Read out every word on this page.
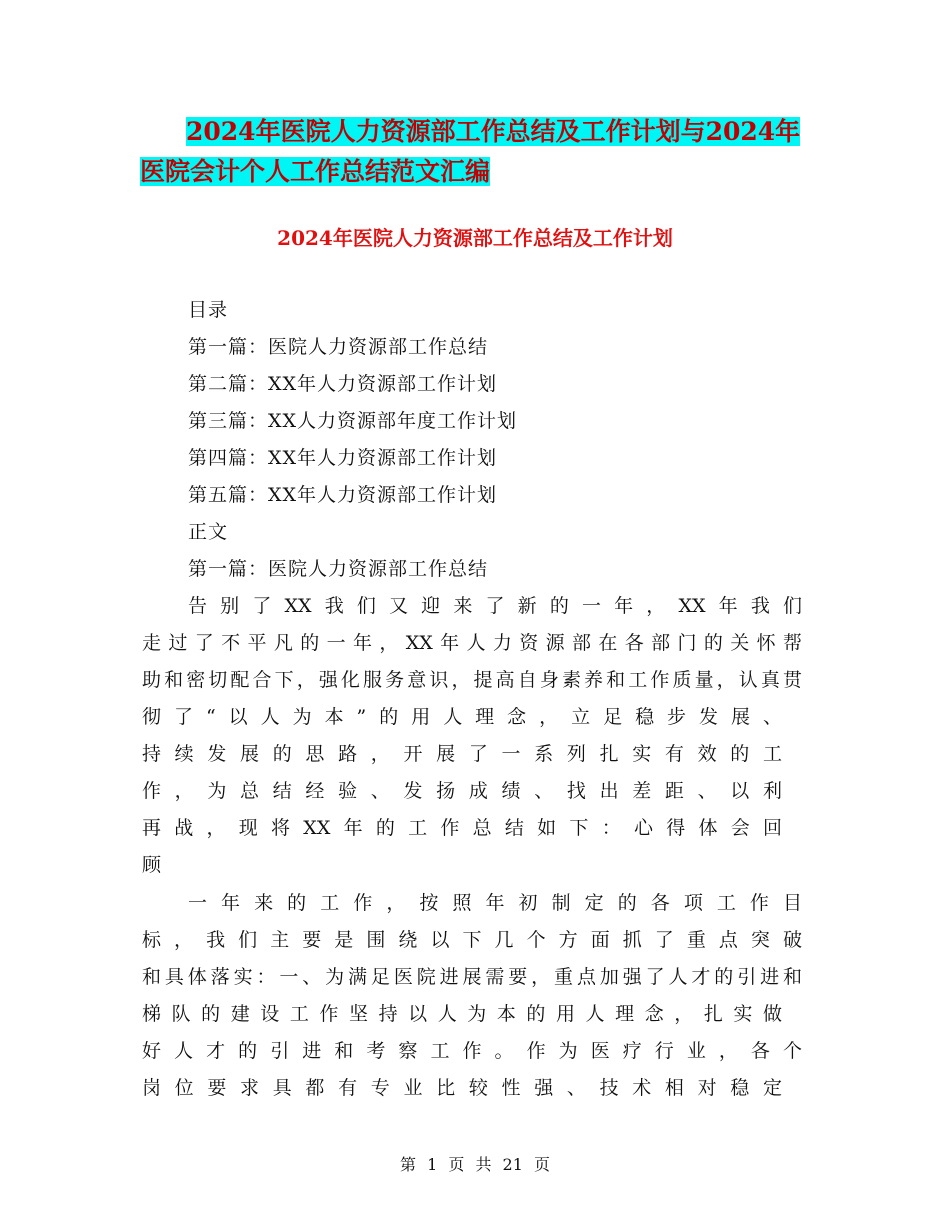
2024年医院人力资源部工作总结及工作计划与2024年
医院会计个人工作总结范文汇编
2024年医院人力资源部工作总结及工作计划
目录
第一篇：医院人力资源部工作总结
第二篇：XX年人力资源部工作计划
第三篇：XX人力资源部年度工作计划
第四篇：XX年人力资源部工作计划
第五篇：XX年人力资源部工作计划
正文
第一篇：医院人力资源部工作总结
告别了XX我们又迎来了新的一年，XX年我们
走过了不平凡的一年，XX年人力资源部在各部门的关怀帮
助和密切配合下，强化服务意识，提高自身素养和工作质量，认真贯
彻了“以人为本”的用人理念，立足稳步发展、
持续发展的思路，开展了一系列扎实有效的工
作，为总结经验、发扬成绩、找出差距、以利
再战，现将XX年的工作总结如下：心得体会回
顾
一年来的工作，按照年初制定的各项工作目
标，我们主要是围绕以下几个方面抓了重点突破
和具体落实：一、为满足医院进展需要，重点加强了人才的引进和
梯队的建设工作坚持以人为本的用人理念，扎实做
好人才的引进和考察工作。作为医疗行业，各个
岗位要求具都有专业比较性强、技术相对稳定
第 1 页 共 21 页
